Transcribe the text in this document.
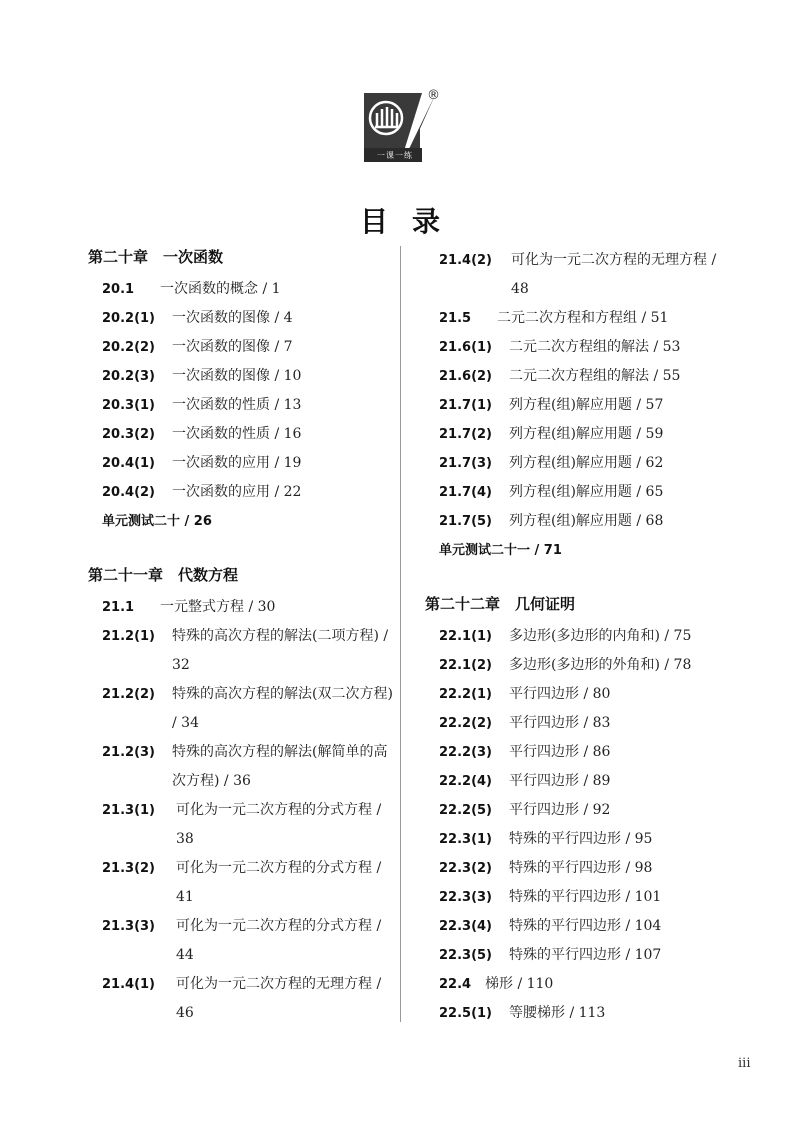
®
一课一练
目录
第二十章　一次函数
20.1	一次函数的概念 / 1
20.2(1)	一次函数的图像 / 4
20.2(2)	一次函数的图像 / 7
20.2(3)	一次函数的图像 / 10
20.3(1)	一次函数的性质 / 13
20.3(2)	一次函数的性质 / 16
20.4(1)	一次函数的应用 / 19
20.4(2)	一次函数的应用 / 22
单元测试二十 / 26
第二十一章　代数方程
21.1	一元整式方程 / 30
21.2(1)	特殊的高次方程的解法(二项方程) / 32
21.2(2)	特殊的高次方程的解法(双二次方程) / 34
21.2(3)	特殊的高次方程的解法(解简单的高次方程) / 36
21.3(1)	可化为一元二次方程的分式方程 / 38
21.3(2)	可化为一元二次方程的分式方程 / 41
21.3(3)	可化为一元二次方程的分式方程 / 44
21.4(1)	可化为一元二次方程的无理方程 / 46
21.4(2)	可化为一元二次方程的无理方程 / 48
21.5	二元二次方程和方程组 / 51
21.6(1)	二元二次方程组的解法 / 53
21.6(2)	二元二次方程组的解法 / 55
21.7(1)	列方程(组)解应用题 / 57
21.7(2)	列方程(组)解应用题 / 59
21.7(3)	列方程(组)解应用题 / 62
21.7(4)	列方程(组)解应用题 / 65
21.7(5)	列方程(组)解应用题 / 68
单元测试二十一 / 71
第二十二章　几何证明
22.1(1)	多边形(多边形的内角和) / 75
22.1(2)	多边形(多边形的外角和) / 78
22.2(1)	平行四边形 / 80
22.2(2)	平行四边形 / 83
22.2(3)	平行四边形 / 86
22.2(4)	平行四边形 / 89
22.2(5)	平行四边形 / 92
22.3(1)	特殊的平行四边形 / 95
22.3(2)	特殊的平行四边形 / 98
22.3(3)	特殊的平行四边形 / 101
22.3(4)	特殊的平行四边形 / 104
22.3(5)	特殊的平行四边形 / 107
22.4 梯形 / 110
22.5(1)	等腰梯形 / 113
iii
